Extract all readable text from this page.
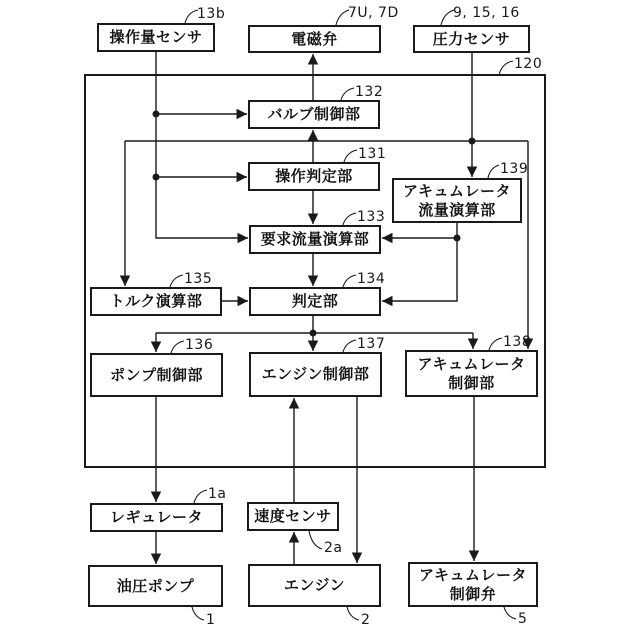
操作量センサ	電磁弁	圧力センサ
バルブ制御部
操作判定部
アキュムレータ流量演算部
要求流量演算部
トルク演算部	判定部
ポンプ制御部	エンジン制御部
アキュムレータ制御部
レギュレータ	速度センサ
油圧ポンプ	エンジン
アキュムレータ制御弁
13b	7U, 7D	9, 15, 16
120
132
131
139
133
135	134
136	137	138
1a
2a
1	2	5
